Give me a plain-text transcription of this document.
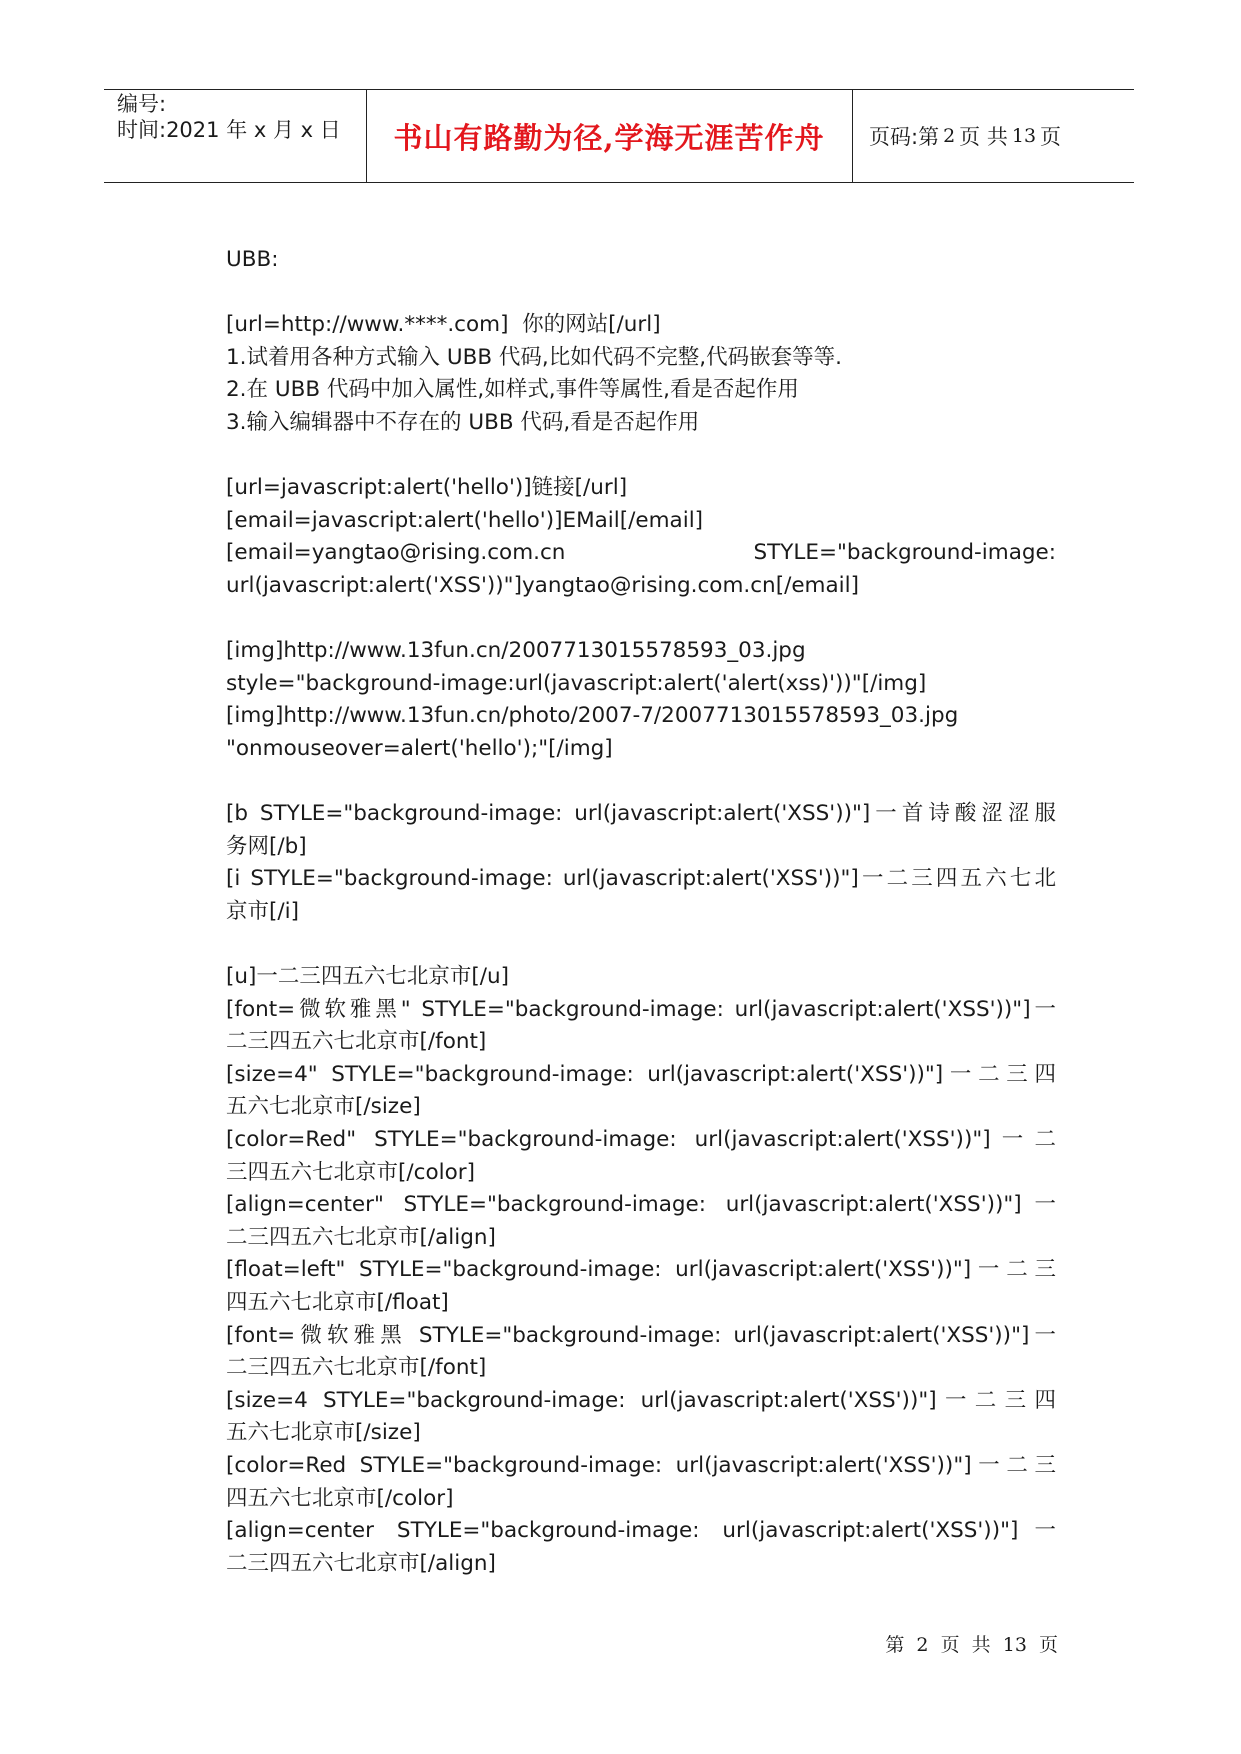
编号:
时间:2021 年 x 月 x 日	书山有路勤为径,学海无涯苦作舟	页码:第 2 页 共 13 页
UBB:
[url=http://www.****.com]  你的网站[/url]
1.试着用各种方式输入 UBB 代码,比如代码不完整,代码嵌套等等.
2.在 UBB 代码中加入属性,如样式,事件等属性,看是否起作用
3.输入编辑器中不存在的 UBB 代码,看是否起作用
[url=javascript:alert('hello')]链接[/url]
[email=javascript:alert('hello')]EMail[/email]
[email=yangtao@rising.com.cn STYLE="background-image:
url(javascript:alert('XSS'))"]yangtao@rising.com.cn[/email]
[img]http://www.13fun.cn/2007713015578593_03.jpg
style="background-image:url(javascript:alert('alert(xss)'))"[/img]
[img]http://www.13fun.cn/photo/2007-7/2007713015578593_03.jpg
"onmouseover=alert('hello');"[/img]
[b STYLE="background-image: url(javascript:alert('XSS'))"]一首诗酸涩涩服
务网[/b]
[i STYLE="background-image: url(javascript:alert('XSS'))"]一二三四五六七北
京市[/i]
[u]一二三四五六七北京市[/u]
[font=微软雅黑" STYLE="background-image: url(javascript:alert('XSS'))"]一
二三四五六七北京市[/font]
[size=4" STYLE="background-image: url(javascript:alert('XSS'))"]一二三四
五六七北京市[/size]
[color=Red" STYLE="background-image: url(javascript:alert('XSS'))"]一二
三四五六七北京市[/color]
[align=center" STYLE="background-image: url(javascript:alert('XSS'))"]一
二三四五六七北京市[/align]
[float=left" STYLE="background-image: url(javascript:alert('XSS'))"]一二三
四五六七北京市[/float]
[font=微软雅黑 STYLE="background-image: url(javascript:alert('XSS'))"]一
二三四五六七北京市[/font]
[size=4 STYLE="background-image: url(javascript:alert('XSS'))"]一二三四
五六七北京市[/size]
[color=Red STYLE="background-image: url(javascript:alert('XSS'))"]一二三
四五六七北京市[/color]
[align=center STYLE="background-image: url(javascript:alert('XSS'))"]一
二三四五六七北京市[/align]
第  2  页  共  13  页
